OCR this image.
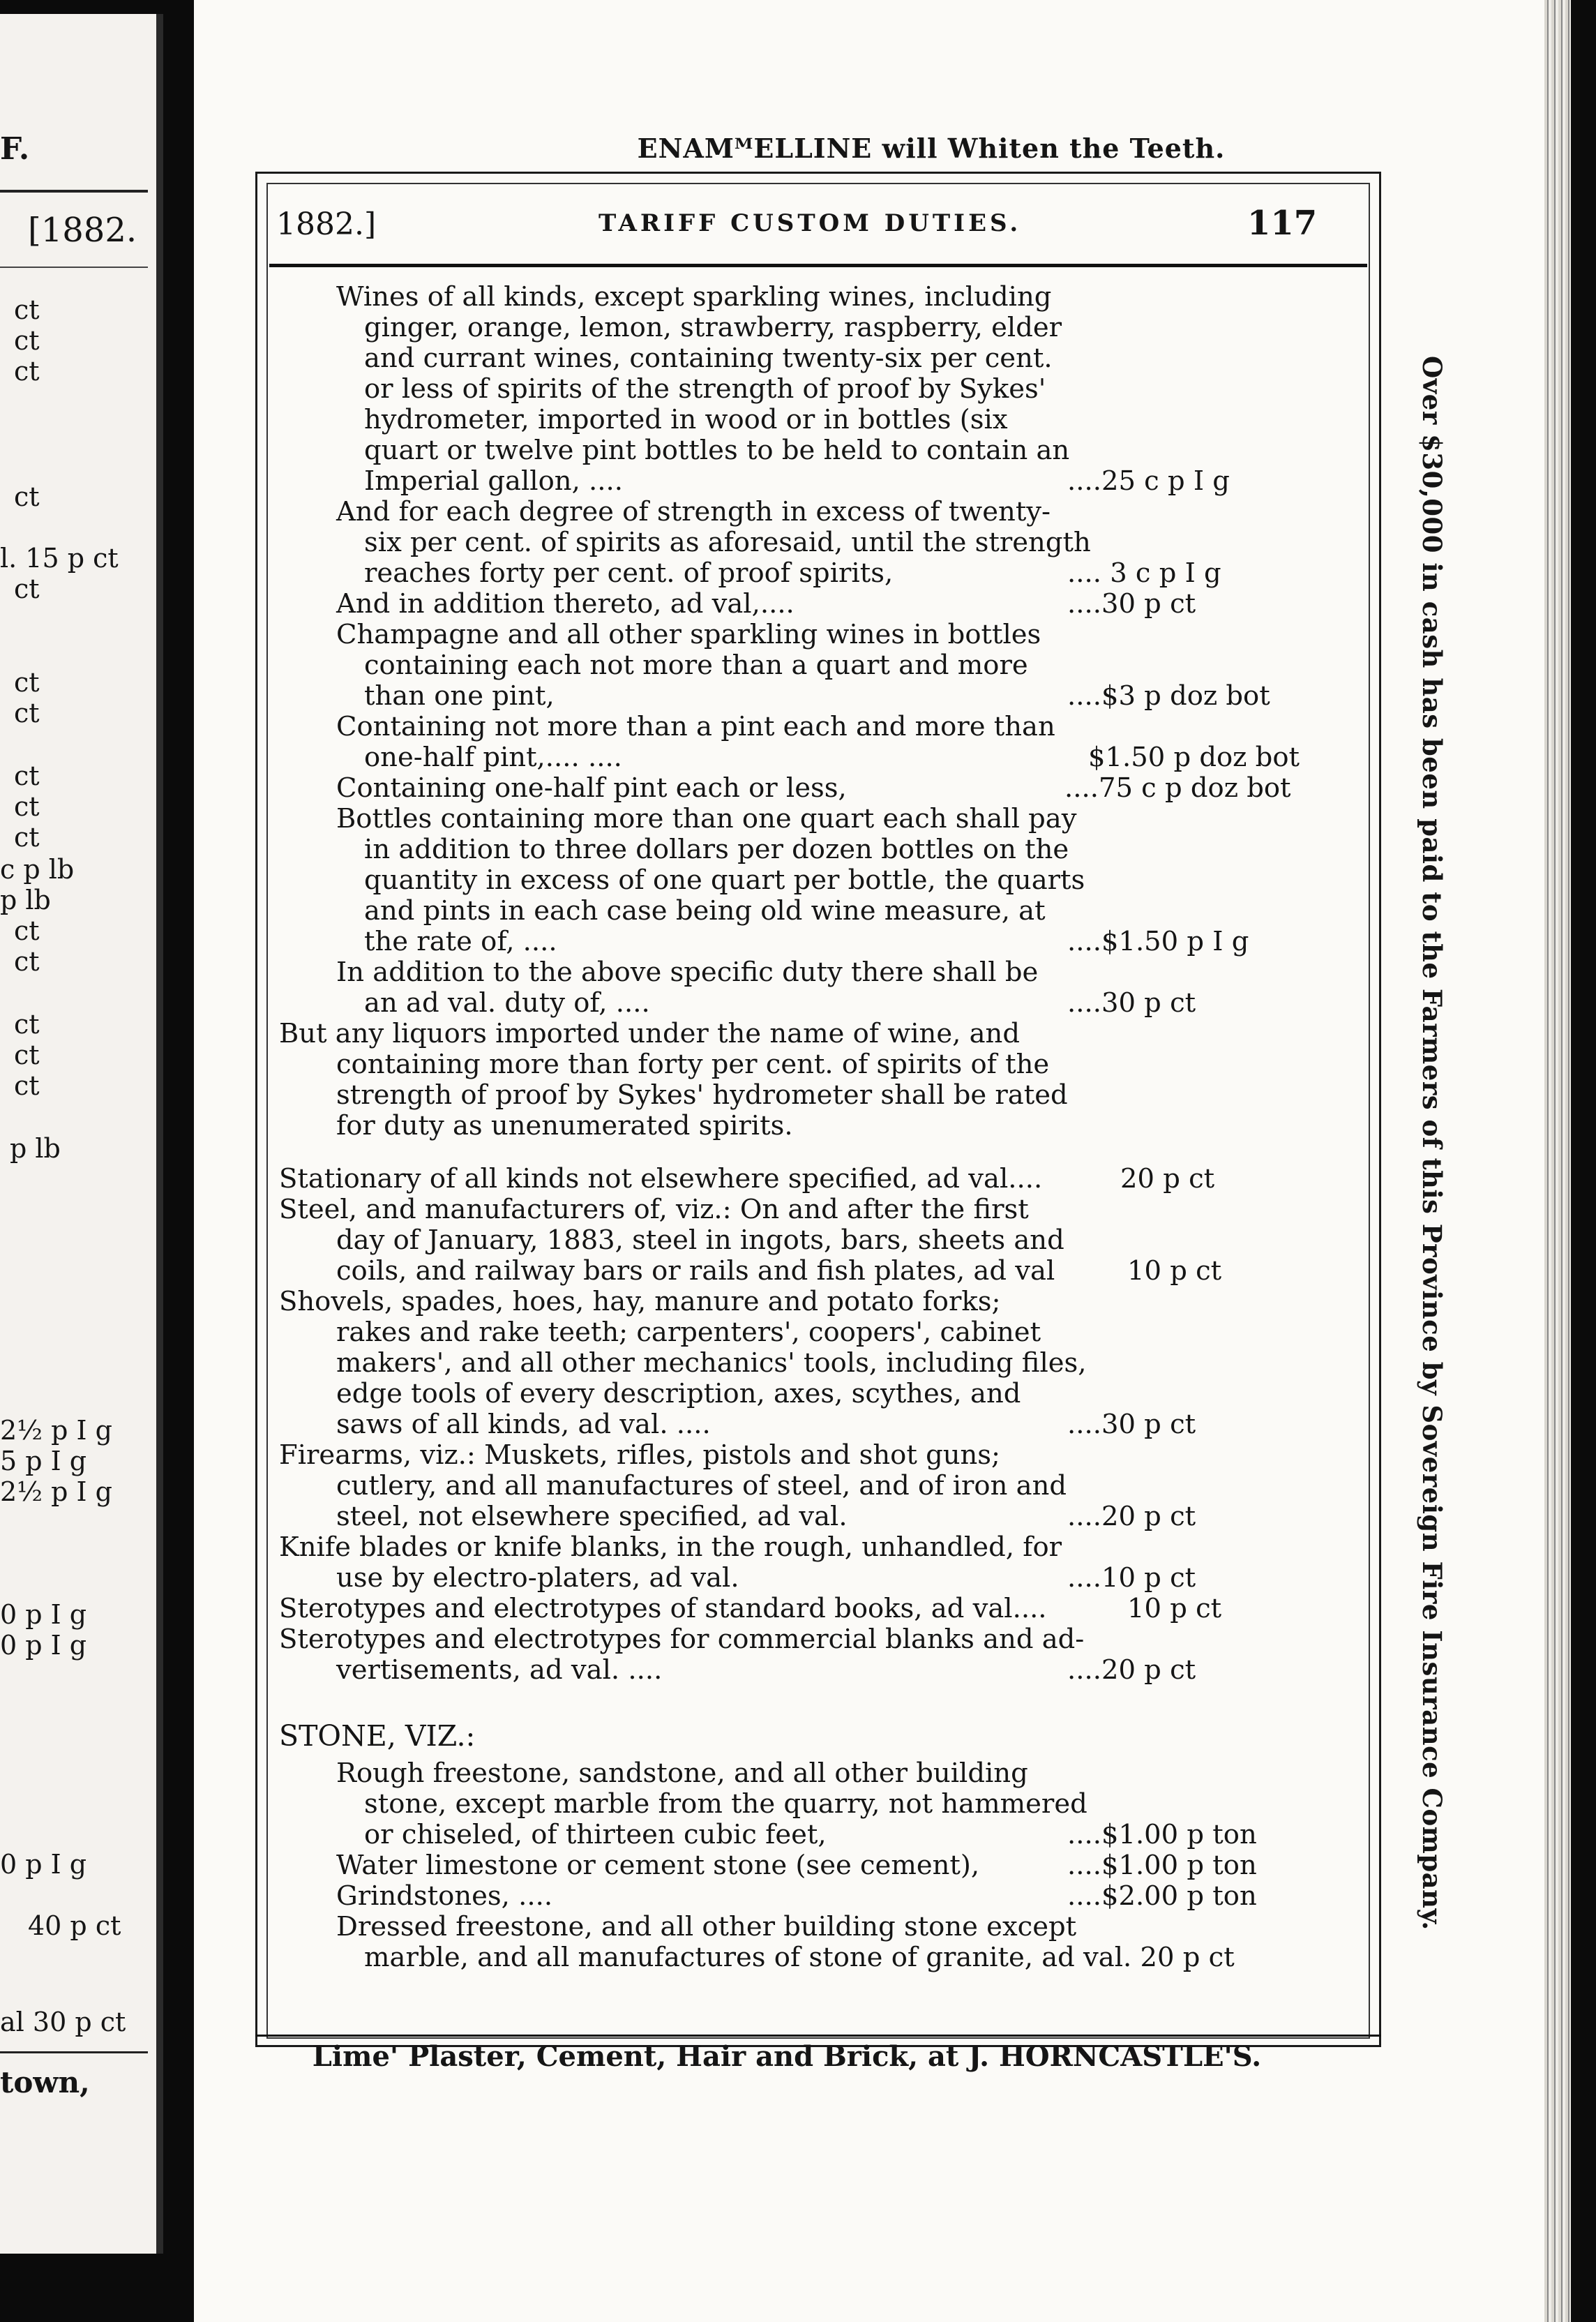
F.
[1882.
ct
ct
ct
ct
l. 15 p ct
ct
ct
ct
ct
ct
ct
c p lb
p lb
ct
ct
ct
ct
ct
p lb
2½ p I g
5 p I g
2½ p I g
0 p I g
0 p I g
0 p I g
40 p ct
al 30 p ct
town,
ENAMᴹELLINE will Whiten the Teeth.
1882.]	TARIFF CUSTOM DUTIES.	117
Over $30,000 in cash has been paid to the Farmers of this Province by Sovereign Fire Insurance Company.
Wines of all kinds, except sparkling wines, including
ginger, orange, lemon, strawberry, raspberry, elder
and currant wines, containing twenty-six per cent.
or less of spirits of the strength of proof by Sykes'
hydrometer, imported in wood or in bottles (six
quart or twelve pint bottles to be held to contain an
Imperial gallon, ....	....25 c p I g
And for each degree of strength in excess of twenty-
six per cent. of spirits as aforesaid, until the strength
reaches forty per cent. of proof spirits,	.... 3 c p I g
And in addition thereto, ad val,....	....30 p ct
Champagne and all other sparkling wines in bottles
containing each not more than a quart and more
than one pint,	....$3 p doz bot
Containing not more than a pint each and more than
one-half pint,.... ....	$1.50 p doz bot
Containing one-half pint each or less,	....75 c p doz bot
Bottles containing more than one quart each shall pay
in addition to three dollars per dozen bottles on the
quantity in excess of one quart per bottle, the quarts
and pints in each case being old wine measure, at
the rate of, ....	....$1.50 p I g
In addition to the above specific duty there shall be
an ad val. duty of, ....	....30 p ct
But any liquors imported under the name of wine, and
containing more than forty per cent. of spirits of the
strength of proof by Sykes' hydrometer shall be rated
for duty as unenumerated spirits.
Stationary of all kinds not elsewhere specified, ad val....	20 p ct
Steel, and manufacturers of, viz.: On and after the first
day of January, 1883, steel in ingots, bars, sheets and
coils, and railway bars or rails and fish plates, ad val	10 p ct
Shovels, spades, hoes, hay, manure and potato forks;
rakes and rake teeth; carpenters', coopers', cabinet
makers', and all other mechanics' tools, including files,
edge tools of every description, axes, scythes, and
saws of all kinds, ad val. ....	....30 p ct
Firearms, viz.: Muskets, rifles, pistols and shot guns;
cutlery, and all manufactures of steel, and of iron and
steel, not elsewhere specified, ad val.	....20 p ct
Knife blades or knife blanks, in the rough, unhandled, for
use by electro-platers, ad val.	....10 p ct
Sterotypes and electrotypes of standard books, ad val....	10 p ct
Sterotypes and electrotypes for commercial blanks and ad-
vertisements, ad val. ....	....20 p ct
STONE, VIZ.:
Rough freestone, sandstone, and all other building
stone, except marble from the quarry, not hammered
or chiseled, of thirteen cubic feet,	....$1.00 p ton
Water limestone or cement stone (see cement),	....$1.00 p ton
Grindstones, ....	....$2.00 p ton
Dressed freestone, and all other building stone except
marble, and all manufactures of stone of granite, ad val. 20 p ct
Lime' Plaster, Cement, Hair and Brick, at J. HORNCASTLE'S.
